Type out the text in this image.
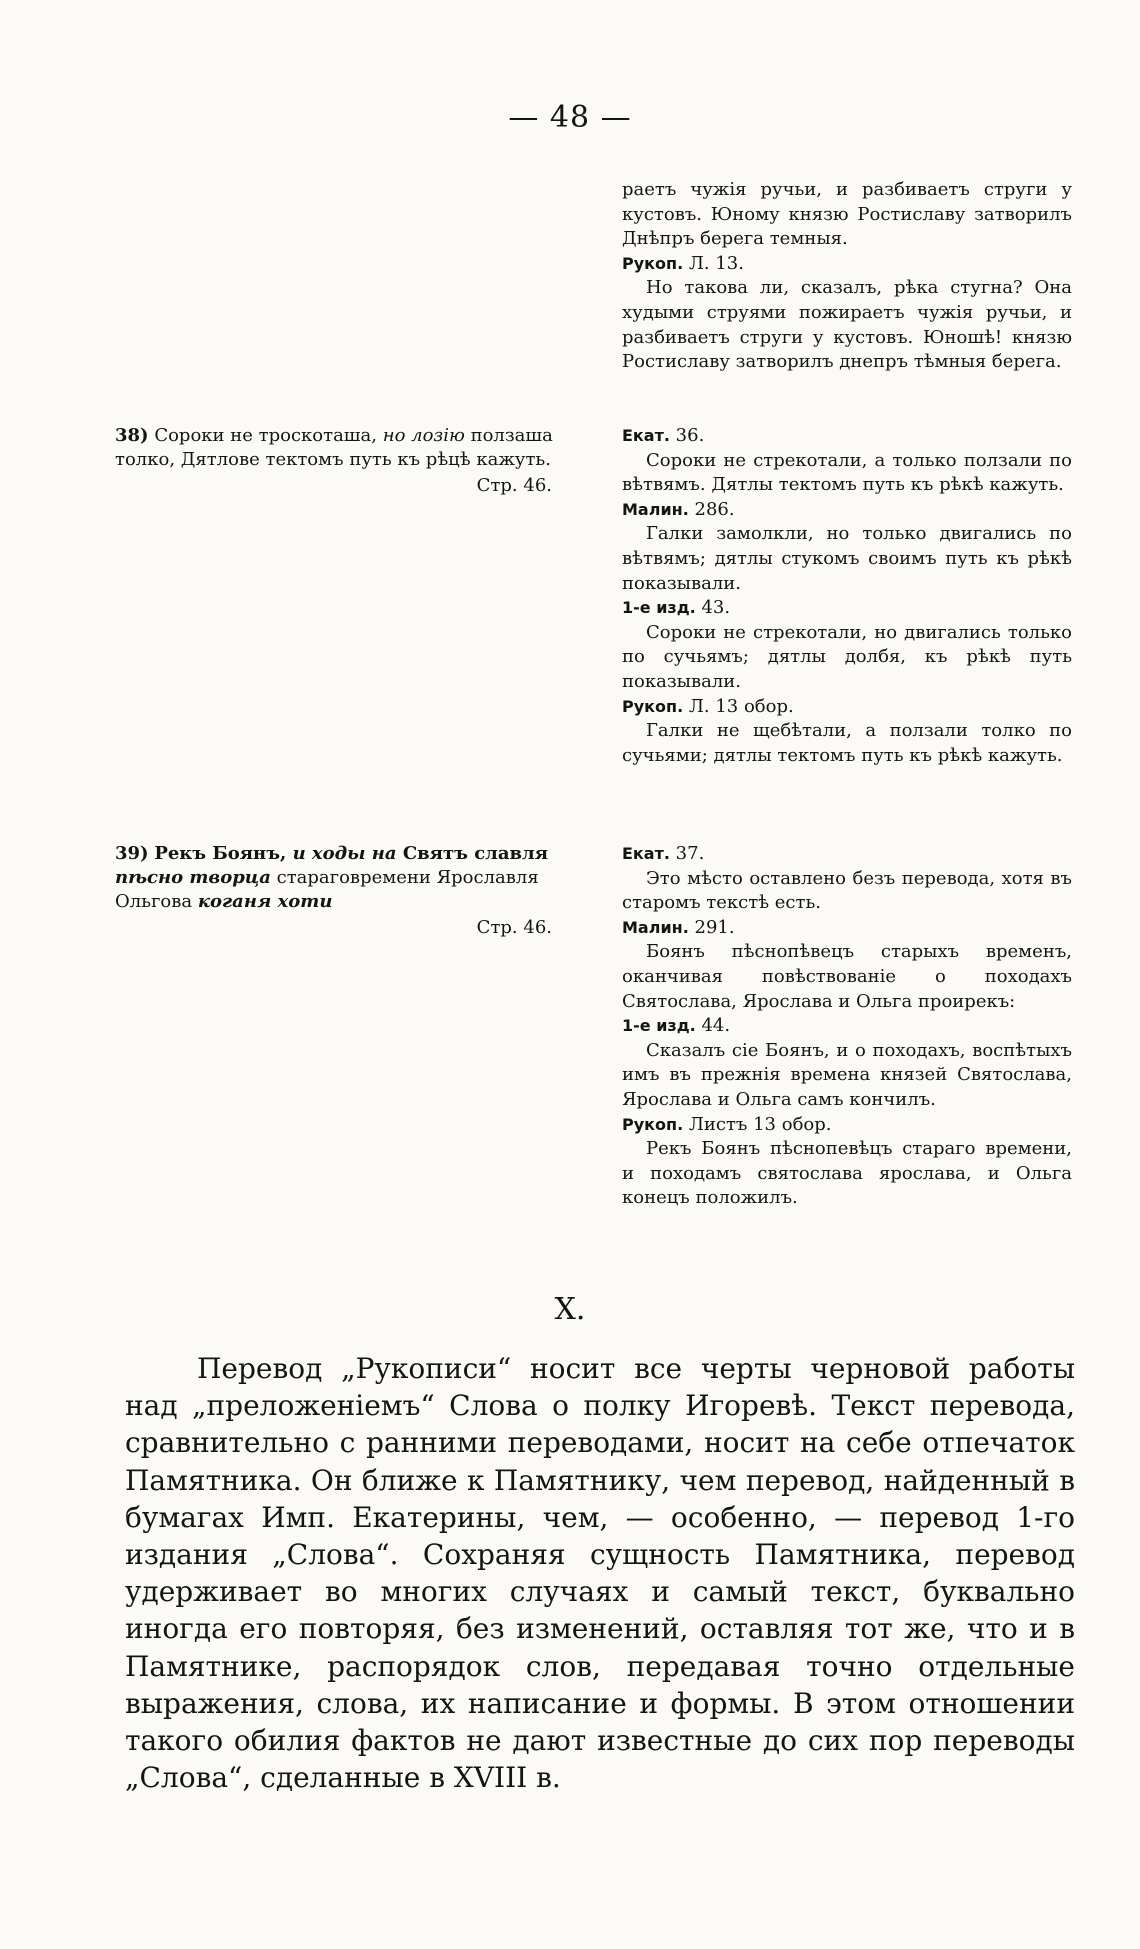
— 48 —
раетъ чужія ручьи, и разбиваетъ струги у кустовъ. Юному князю Ростиславу затворилъ Днѣпръ берега темныя.
Рукоп. Л. 13.
Но такова ли, сказалъ, рѣка стугна? Она худыми струями пожираетъ чужія ручьи, и разбиваетъ струги у кустовъ. Юношѣ! князю Ростиславу затворилъ днепръ тѣмныя берега.
38) Сороки не троскоташа, но лозію ползаша толко, Дятлове тектомъ путь къ рѣцѣ кажуть.
Стр. 46.
Екат. 36.
Сороки не стрекотали, а только ползали по вѣтвямъ. Дятлы тектомъ путь къ рѣкѣ кажуть.
Малин. 286.
Галки замолкли, но только двигались по вѣтвямъ; дятлы стукомъ своимъ путь къ рѣкѣ показывали.
1-е изд. 43.
Сороки не стрекотали, но двигались только по сучьямъ; дятлы долбя, къ рѣкѣ путь показывали.
Рукоп. Л. 13 обор.
Галки не щебѣтали, а ползали толко по сучьями; дятлы тектомъ путь къ рѣкѣ кажуть.
39) Рекъ Боянъ, и ходы на Святъ славля пѣсно творца стараговремени Ярославля Ольгова коганя хоти
Стр. 46.
Екат. 37.
Это мѣсто оставлено безъ перевода, хотя въ старомъ текстѣ есть.
Малин. 291.
Боянъ пѣснопѣвецъ старыхъ временъ, оканчивая повѣствованіе о походахъ Святослава, Ярослава и Ольга проирекъ:
1-е изд. 44.
Сказалъ сіе Боянъ, и о походахъ, воспѣтыхъ имъ въ прежнія времена князей Святослава, Ярослава и Ольга самъ кончилъ.
Рукоп. Листъ 13 обор.
Рекъ Боянъ пѣснопевѣцъ стараго времени, и походамъ святослава ярослава, и Ольга конецъ положилъ.
X.
Перевод „Рукописи“ носит все черты черновой работы над „преложеніемъ“ Слова о полку Игоревѣ. Текст перевода, сравнительно с ранними переводами, носит на себе отпечаток Памятника. Он ближе к Памятнику, чем перевод, найденный в бумагах Имп. Екатерины, чем, — особенно, — перевод 1-го издания „Слова“. Сохраняя сущность Памятника, перевод удерживает во многих случаях и самый текст, буквально иногда его повторяя, без изменений, оставляя тот же, что и в Памятнике, распорядок слов, передавая точно отдельные выражения, слова, их написание и формы. В этом отношении такого обилия фактов не дают известные до сих пор переводы „Слова“, сделанные в XVIII в.
